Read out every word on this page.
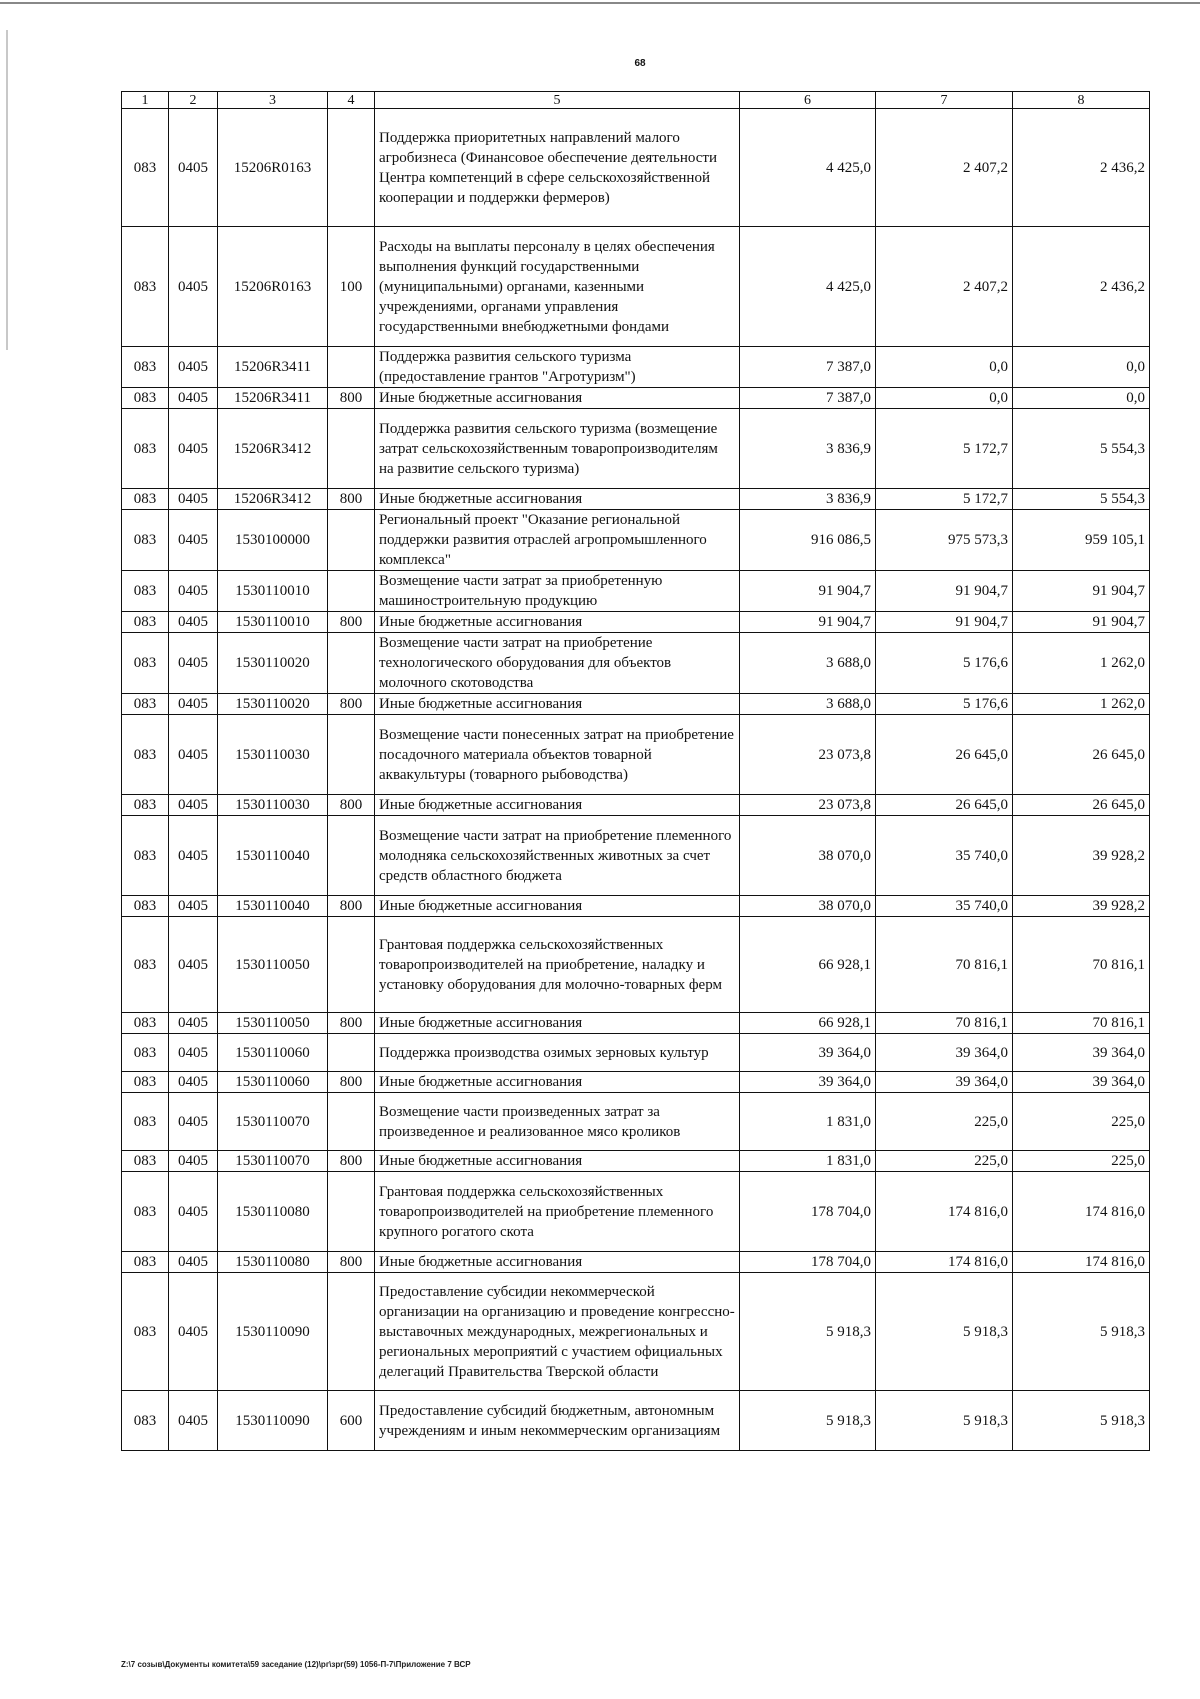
68
1	2	3	4	5	6	7	8
083	0405	15206R0163		Поддержка приоритетных направлений малого агробизнеса (Финансовое обеспечение деятельности Центра компетенций в сфере сельскохозяйственной кооперации и поддержки фермеров)	4 425,0	2 407,2	2 436,2
083	0405	15206R0163	100	Расходы на выплаты персоналу в целях обеспечения выполнения функций государственными (муниципальными) органами, казенными учреждениями, органами управления государственными внебюджетными фондами	4 425,0	2 407,2	2 436,2
083	0405	15206R3411		Поддержка развития сельского туризма (предоставление грантов "Агротуризм")	7 387,0	0,0	0,0
083	0405	15206R3411	800	Иные бюджетные ассигнования	7 387,0	0,0	0,0
083	0405	15206R3412		Поддержка развития сельского туризма (возмещение затрат сельскохозяйственным товаропроизводителям на развитие сельского туризма)	3 836,9	5 172,7	5 554,3
083	0405	15206R3412	800	Иные бюджетные ассигнования	3 836,9	5 172,7	5 554,3
083	0405	1530100000		Региональный проект "Оказание региональной поддержки развития отраслей агропромышленного комплекса"	916 086,5	975 573,3	959 105,1
083	0405	1530110010		Возмещение части затрат за приобретенную машиностроительную продукцию	91 904,7	91 904,7	91 904,7
083	0405	1530110010	800	Иные бюджетные ассигнования	91 904,7	91 904,7	91 904,7
083	0405	1530110020		Возмещение части затрат на приобретение технологического оборудования для объектов молочного скотоводства	3 688,0	5 176,6	1 262,0
083	0405	1530110020	800	Иные бюджетные ассигнования	3 688,0	5 176,6	1 262,0
083	0405	1530110030		Возмещение части понесенных затрат на приобретение посадочного материала объектов товарной аквакультуры (товарного рыбоводства)	23 073,8	26 645,0	26 645,0
083	0405	1530110030	800	Иные бюджетные ассигнования	23 073,8	26 645,0	26 645,0
083	0405	1530110040		Возмещение части затрат на приобретение племенного молодняка сельскохозяйственных животных за счет средств областного бюджета	38 070,0	35 740,0	39 928,2
083	0405	1530110040	800	Иные бюджетные ассигнования	38 070,0	35 740,0	39 928,2
083	0405	1530110050		Грантовая поддержка сельскохозяйственных товаропроизводителей на приобретение, наладку и установку оборудования для молочно-товарных ферм	66 928,1	70 816,1	70 816,1
083	0405	1530110050	800	Иные бюджетные ассигнования	66 928,1	70 816,1	70 816,1
083	0405	1530110060		Поддержка производства озимых зерновых культур	39 364,0	39 364,0	39 364,0
083	0405	1530110060	800	Иные бюджетные ассигнования	39 364,0	39 364,0	39 364,0
083	0405	1530110070		Возмещение части произведенных затрат за произведенное и реализованное мясо кроликов	1 831,0	225,0	225,0
083	0405	1530110070	800	Иные бюджетные ассигнования	1 831,0	225,0	225,0
083	0405	1530110080		Грантовая поддержка сельскохозяйственных товаропроизводителей на приобретение племенного крупного рогатого скота	178 704,0	174 816,0	174 816,0
083	0405	1530110080	800	Иные бюджетные ассигнования	178 704,0	174 816,0	174 816,0
083	0405	1530110090		Предоставление субсидии некоммерческой организации на организацию и проведение конгрессно-выставочных международных, межрегиональных и региональных мероприятий с участием официальных делегаций Правительства Тверской области	5 918,3	5 918,3	5 918,3
083	0405	1530110090	600	Предоставление субсидий бюджетным, автономным учреждениям и иным некоммерческим организациям	5 918,3	5 918,3	5 918,3
Z:\7 созыв\Документы комитета\59 заседание (12)\рг\зрг(59) 1056-П-7\Приложение 7 ВСР
